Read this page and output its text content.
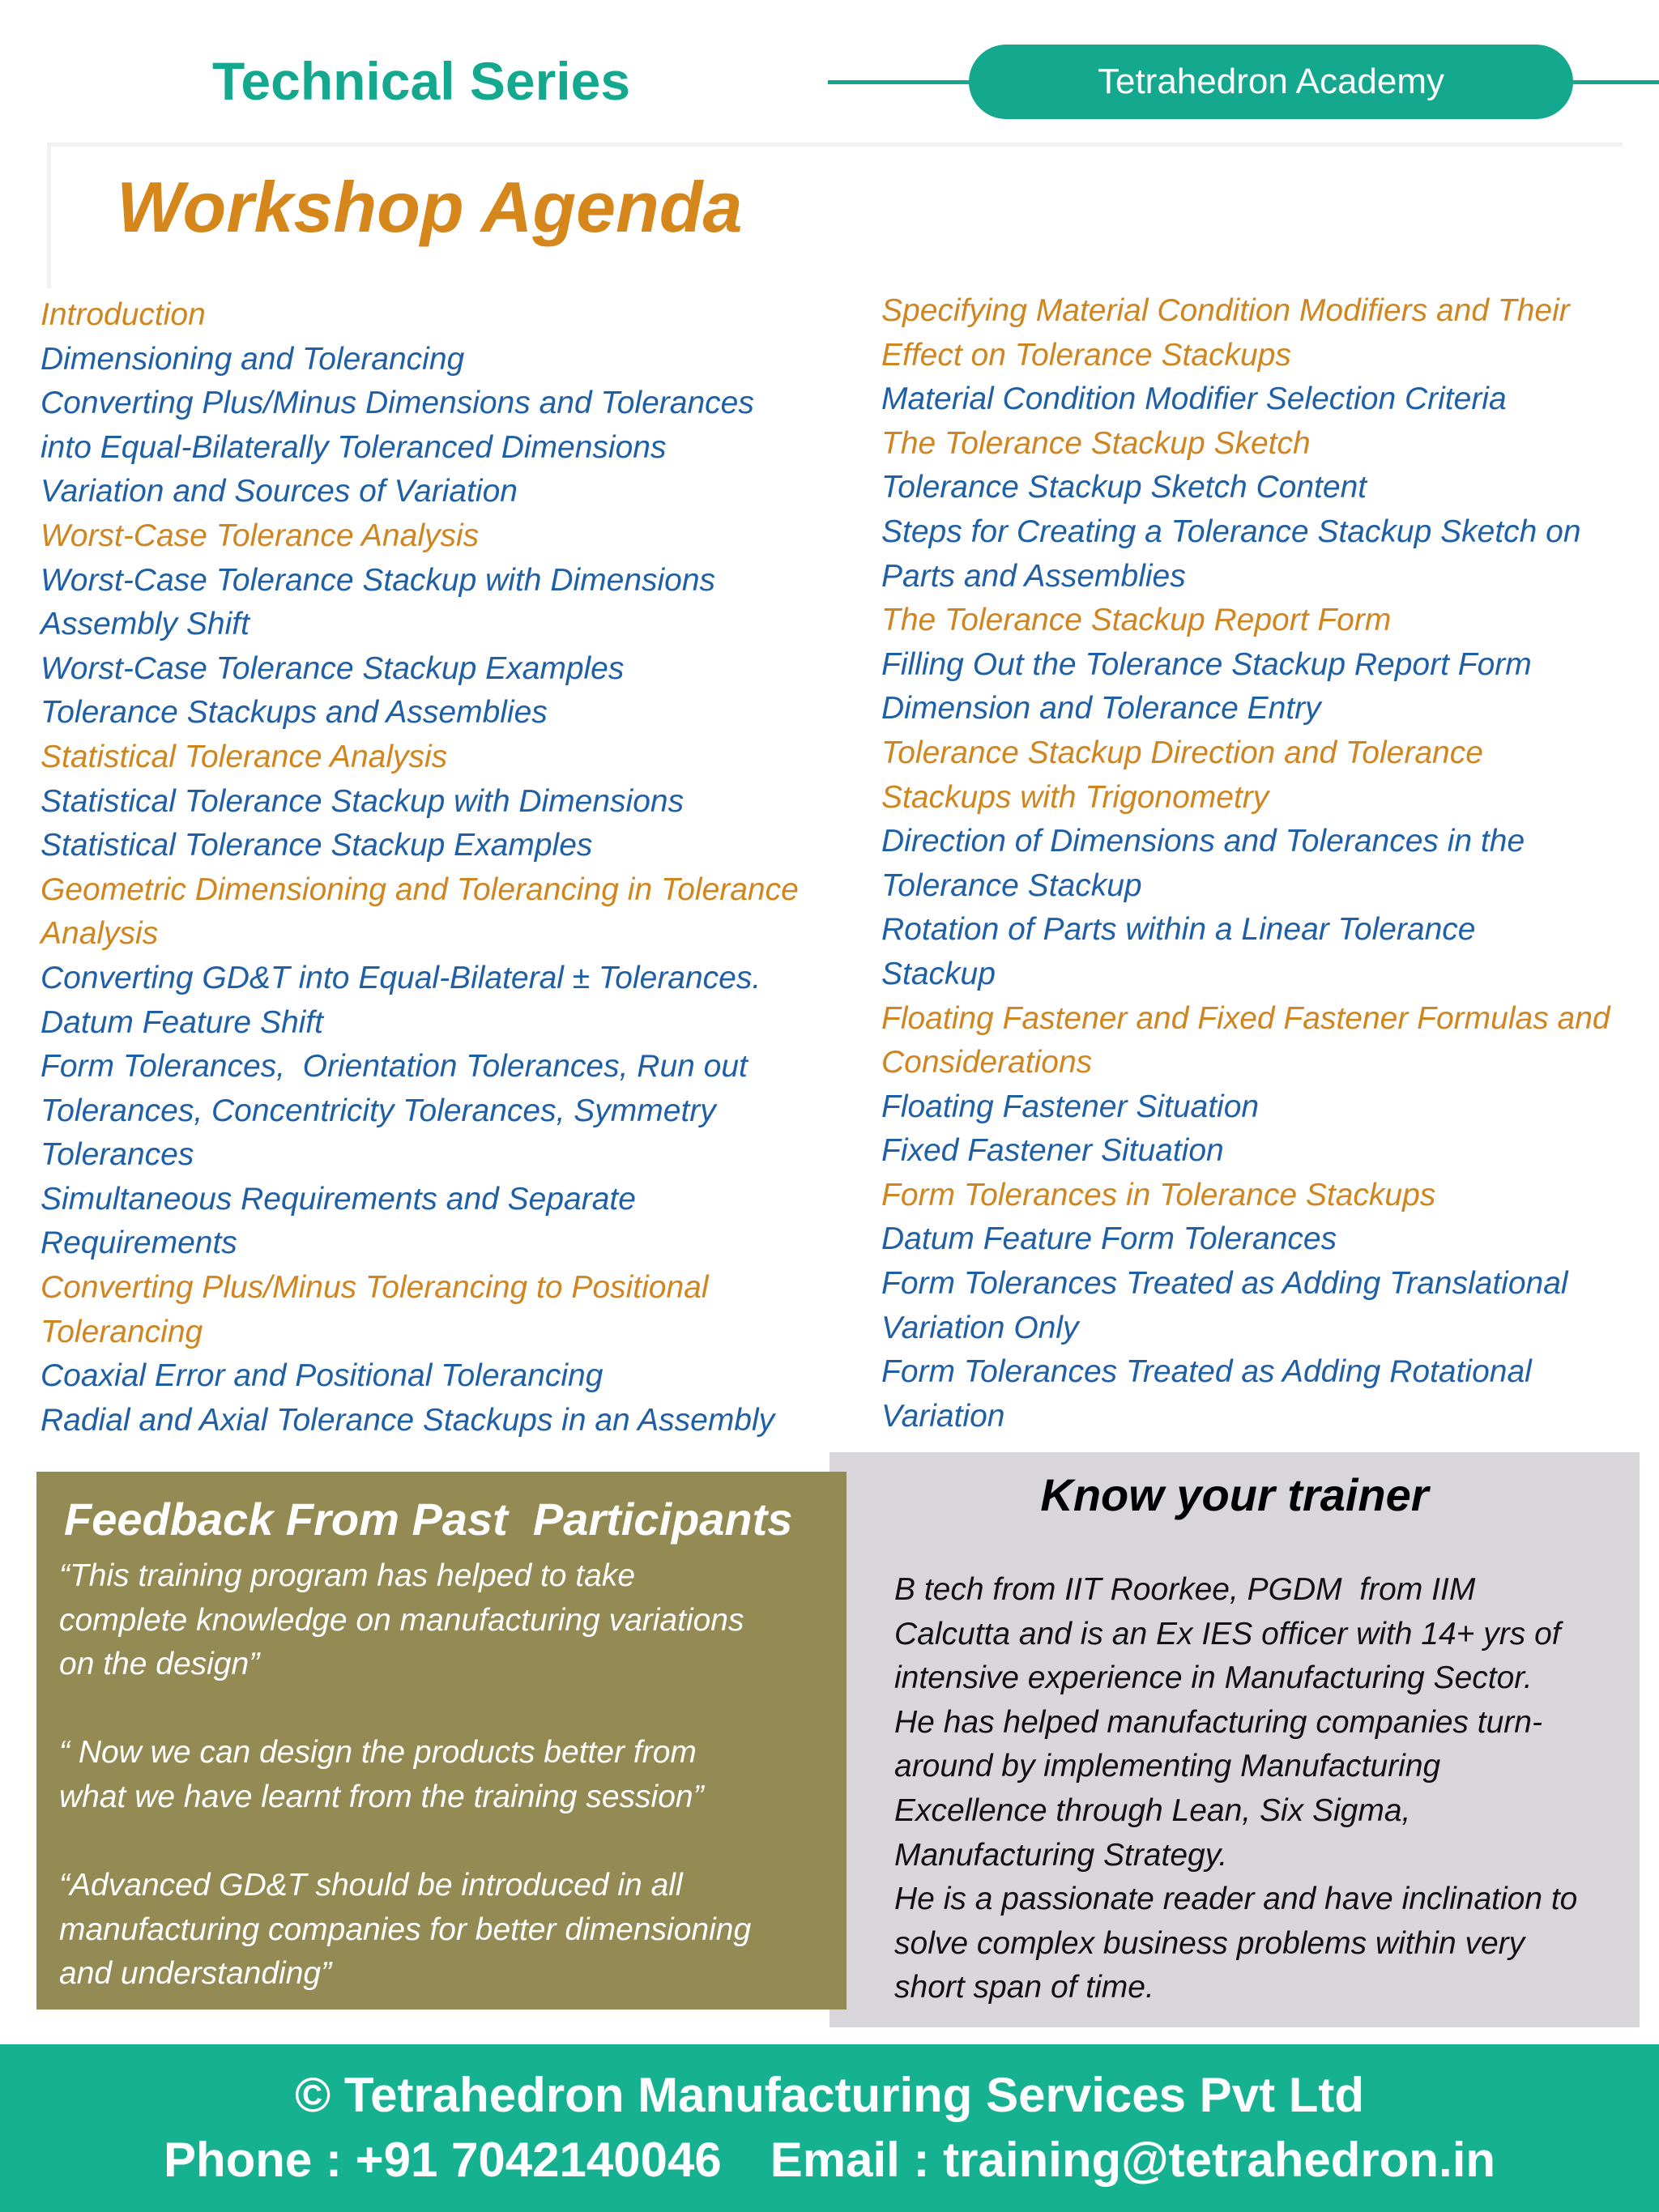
Technical Series	Tetrahedron Academy
Workshop Agenda
Introduction
Dimensioning and Tolerancing
Converting Plus/Minus Dimensions and Tolerances
into Equal-Bilaterally Toleranced Dimensions
Variation and Sources of Variation
Worst-Case Tolerance Analysis
Worst-Case Tolerance Stackup with Dimensions
Assembly Shift
Worst-Case Tolerance Stackup Examples
Tolerance Stackups and Assemblies
Statistical Tolerance Analysis
Statistical Tolerance Stackup with Dimensions
Statistical Tolerance Stackup Examples
Geometric Dimensioning and Tolerancing in Tolerance
Analysis
Converting GD&T into Equal-Bilateral ± Tolerances.
Datum Feature Shift
Form Tolerances,  Orientation Tolerances, Run out
Tolerances, Concentricity Tolerances, Symmetry
Tolerances
Simultaneous Requirements and Separate
Requirements
Converting Plus/Minus Tolerancing to Positional
Tolerancing
Coaxial Error and Positional Tolerancing
Radial and Axial Tolerance Stackups in an Assembly
Specifying Material Condition Modifiers and Their
Effect on Tolerance Stackups
Material Condition Modifier Selection Criteria
The Tolerance Stackup Sketch
Tolerance Stackup Sketch Content
Steps for Creating a Tolerance Stackup Sketch on
Parts and Assemblies
The Tolerance Stackup Report Form
Filling Out the Tolerance Stackup Report Form
Dimension and Tolerance Entry
Tolerance Stackup Direction and Tolerance
Stackups with Trigonometry
Direction of Dimensions and Tolerances in the
Tolerance Stackup
Rotation of Parts within a Linear Tolerance
Stackup
Floating Fastener and Fixed Fastener Formulas and
Considerations
Floating Fastener Situation
Fixed Fastener Situation
Form Tolerances in Tolerance Stackups
Datum Feature Form Tolerances
Form Tolerances Treated as Adding Translational
Variation Only
Form Tolerances Treated as Adding Rotational
Variation
Know your trainer
B tech from IIT Roorkee, PGDM  from IIM
Calcutta and is an Ex IES officer with 14+ yrs of
intensive experience in Manufacturing Sector.
He has helped manufacturing companies turn-
around by implementing Manufacturing
Excellence through Lean, Six Sigma,
Manufacturing Strategy.
He is a passionate reader and have inclination to
solve complex business problems within very
short span of time.
Feedback From Past  Participants
“This training program has helped to take
complete knowledge on manufacturing variations
on the design”
“ Now we can design the products better from
what we have learnt from the training session”
“Advanced GD&T should be introduced in all
manufacturing companies for better dimensioning
and understanding”
© Tetrahedron Manufacturing Services Pvt Ltd
Phone : +91 7042140046 Email : training@tetrahedron.in
